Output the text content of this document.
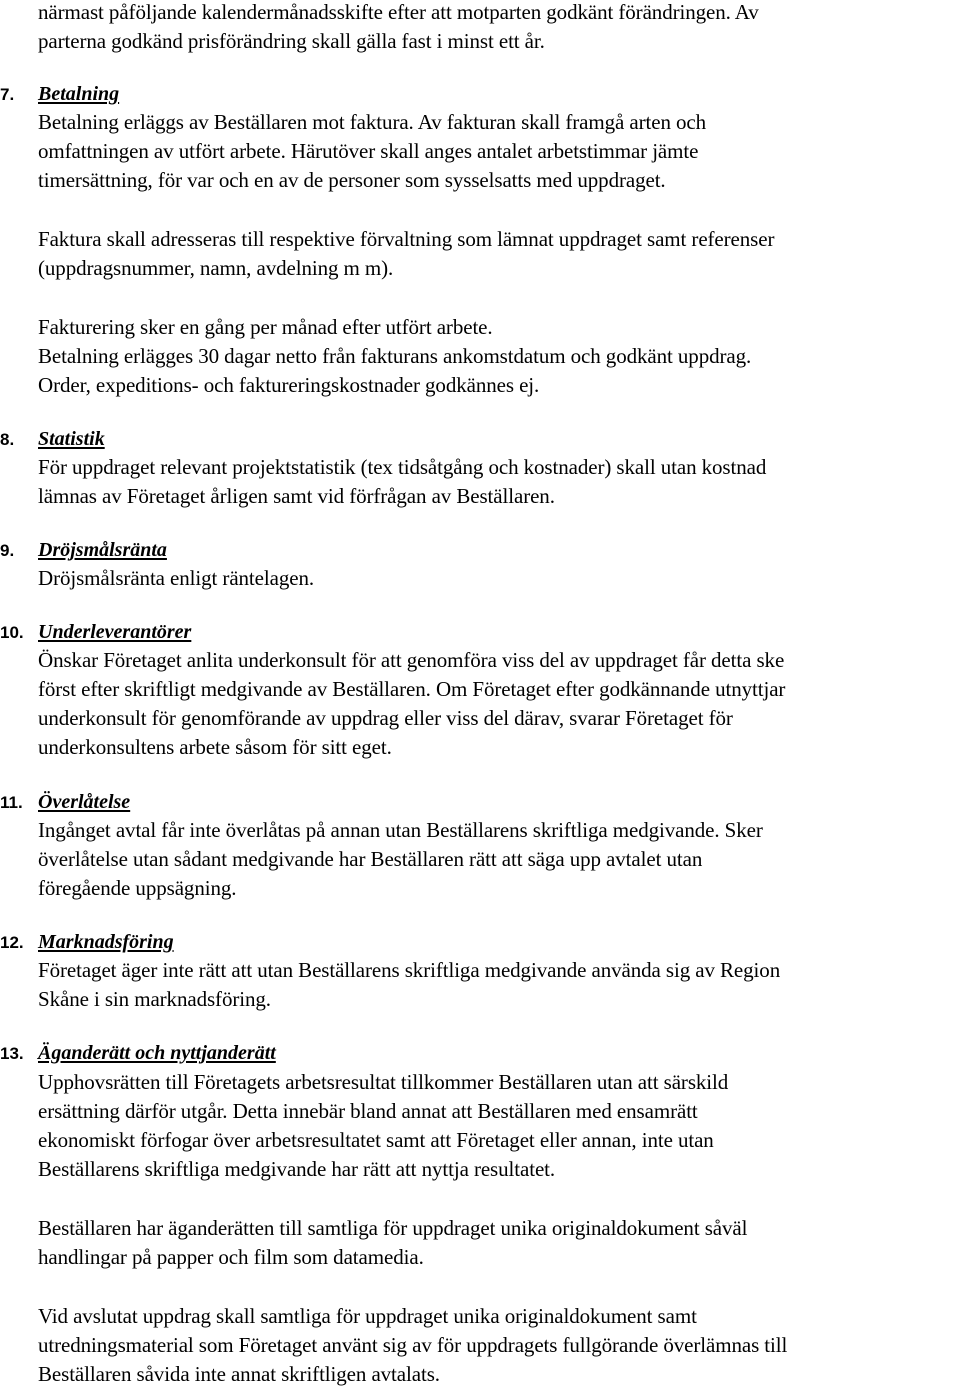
närmast påföljande kalendermånadsskifte efter att motparten godkänt förändringen. Av
parterna godkänd prisförändring skall gälla fast i minst ett år.
7.	Betalning
Betalning erläggs av Beställaren mot faktura. Av fakturan skall framgå arten och
omfattningen av utfört arbete. Härutöver skall anges antalet arbetstimmar jämte
timersättning, för var och en av de personer som sysselsatts med uppdraget.
Faktura skall adresseras till respektive förvaltning som lämnat uppdraget samt referenser
(uppdragsnummer, namn, avdelning m m).
Fakturering sker en gång per månad efter utfört arbete.
Betalning erlägges 30 dagar netto från fakturans ankomstdatum och godkänt uppdrag.
Order, expeditions- och faktureringskostnader godkännes ej.
8.	Statistik
För uppdraget relevant projektstatistik (tex tidsåtgång och kostnader) skall utan kostnad
lämnas av Företaget årligen samt vid förfrågan av Beställaren.
9.	Dröjsmålsränta
Dröjsmålsränta enligt räntelagen.
10. Underleverantörer
Önskar Företaget anlita underkonsult för att genomföra viss del av uppdraget får detta ske
först efter skriftligt medgivande av Beställaren. Om Företaget efter godkännande utnyttjar
underkonsult för genomförande av uppdrag eller viss del därav, svarar Företaget för
underkonsultens arbete såsom för sitt eget.
11. Överlåtelse
Ingånget avtal får inte överlåtas på annan utan Beställarens skriftliga medgivande. Sker
överlåtelse utan sådant medgivande har Beställaren rätt att säga upp avtalet utan
föregående uppsägning.
12. Marknadsföring
Företaget äger inte rätt att utan Beställarens skriftliga medgivande använda sig av Region
Skåne i sin marknadsföring.
13. Äganderätt och nyttjanderätt
Upphovsrätten till Företagets arbetsresultat tillkommer Beställaren utan att särskild
ersättning därför utgår. Detta innebär bland annat att Beställaren med ensamrätt
ekonomiskt förfogar över arbetsresultatet samt att Företaget eller annan, inte utan
Beställarens skriftliga medgivande har rätt att nyttja resultatet.
Beställaren har äganderätten till samtliga för uppdraget unika originaldokument såväl
handlingar på papper och film som datamedia.
Vid avslutat uppdrag skall samtliga för uppdraget unika originaldokument samt
utredningsmaterial som Företaget använt sig av för uppdragets fullgörande överlämnas till
Beställaren såvida inte annat skriftligen avtalats.
